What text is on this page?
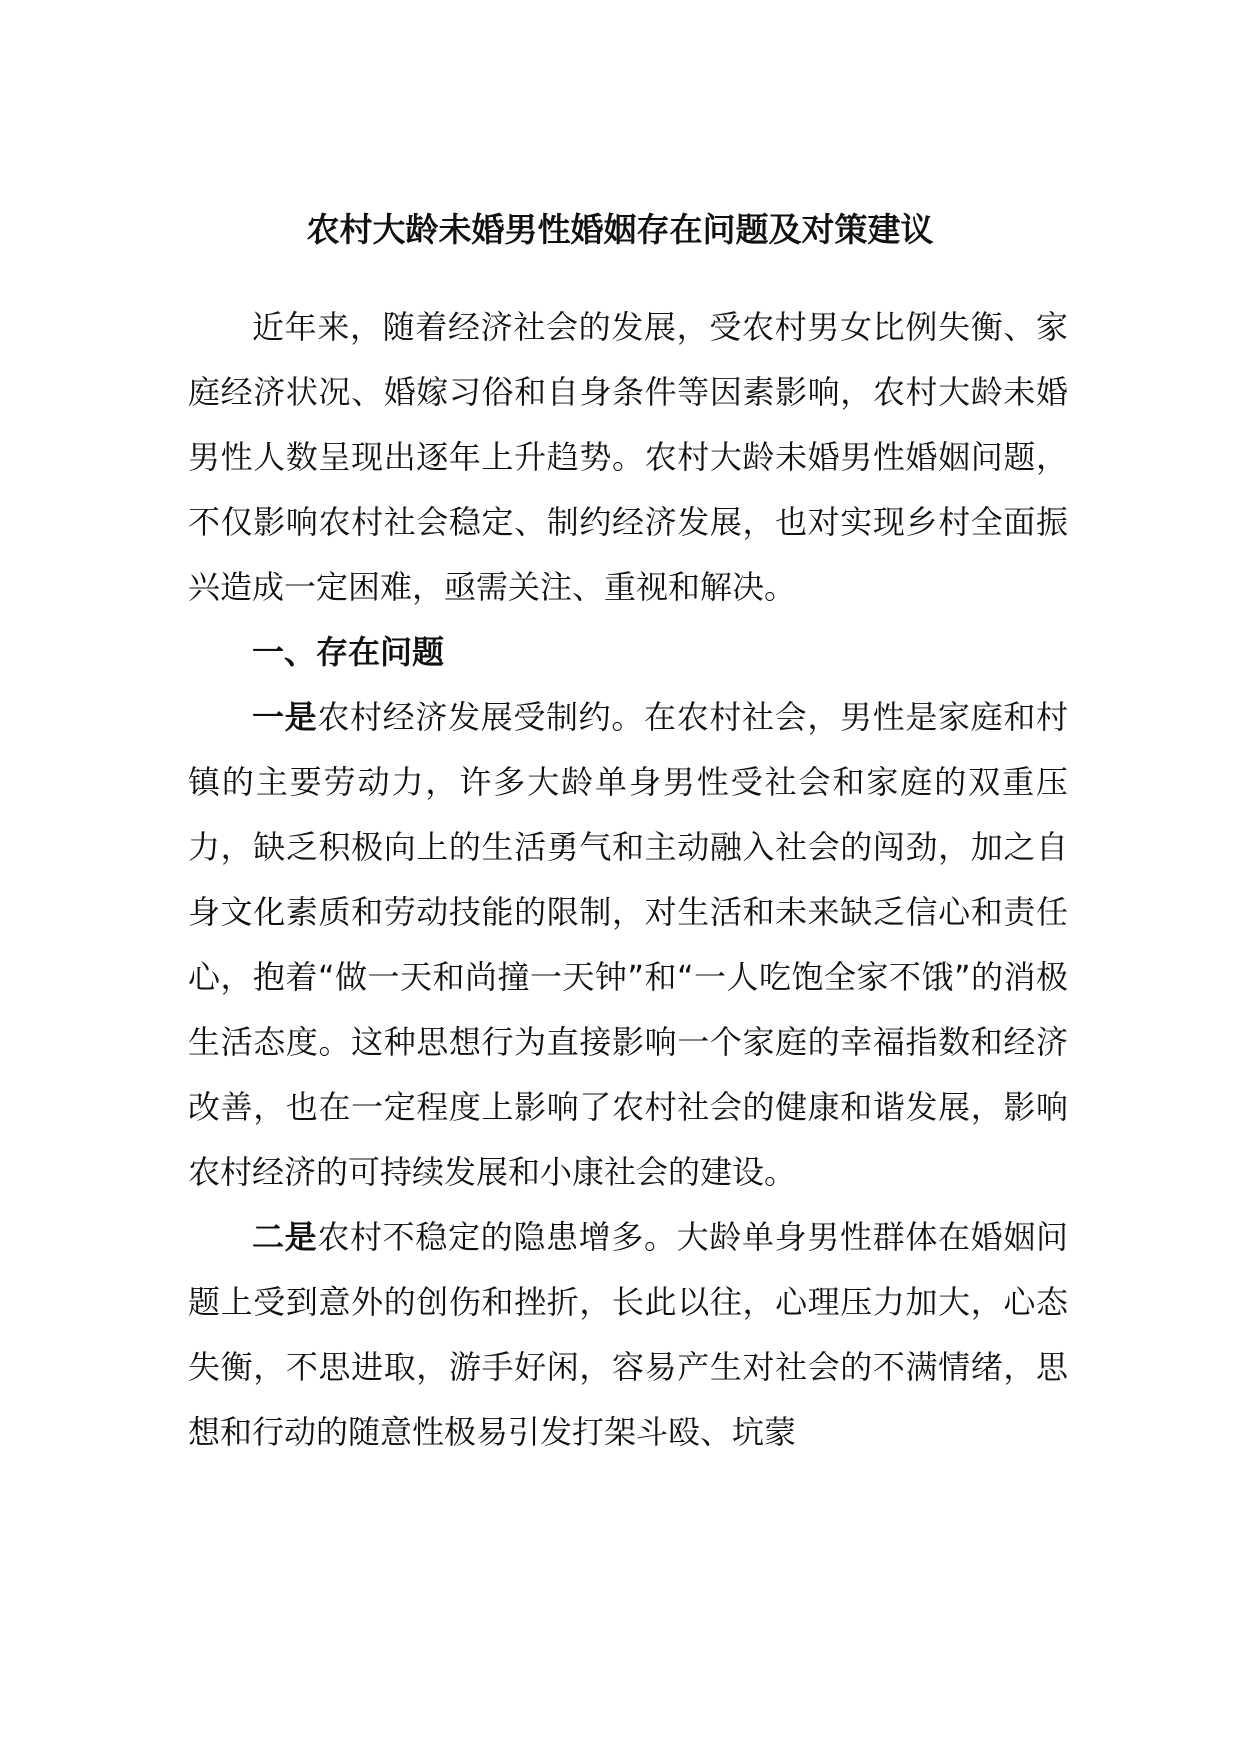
农村大龄未婚男性婚姻存在问题及对策建议

近年来，随着经济社会的发展，受农村男女比例失衡、家庭经济状况、婚嫁习俗和自身条件等因素影响，农村大龄未婚男性人数呈现出逐年上升趋势。农村大龄未婚男性婚姻问题，不仅影响农村社会稳定、制约经济发展，也对实现乡村全面振兴造成一定困难，亟需关注、重视和解决。

一、存在问题

一是农村经济发展受制约。在农村社会，男性是家庭和村镇的主要劳动力，许多大龄单身男性受社会和家庭的双重压力，缺乏积极向上的生活勇气和主动融入社会的闯劲，加之自身文化素质和劳动技能的限制，对生活和未来缺乏信心和责任心，抱着“做一天和尚撞一天钟”和“一人吃饱全家不饿”的消极生活态度。这种思想行为直接影响一个家庭的幸福指数和经济改善，也在一定程度上影响了农村社会的健康和谐发展，影响农村经济的可持续发展和小康社会的建设。

二是农村不稳定的隐患增多。大龄单身男性群体在婚姻问题上受到意外的创伤和挫折，长此以往，心理压力加大，心态失衡，不思进取，游手好闲，容易产生对社会的不满情绪，思想和行动的随意性极易引发打架斗殴、坑蒙
